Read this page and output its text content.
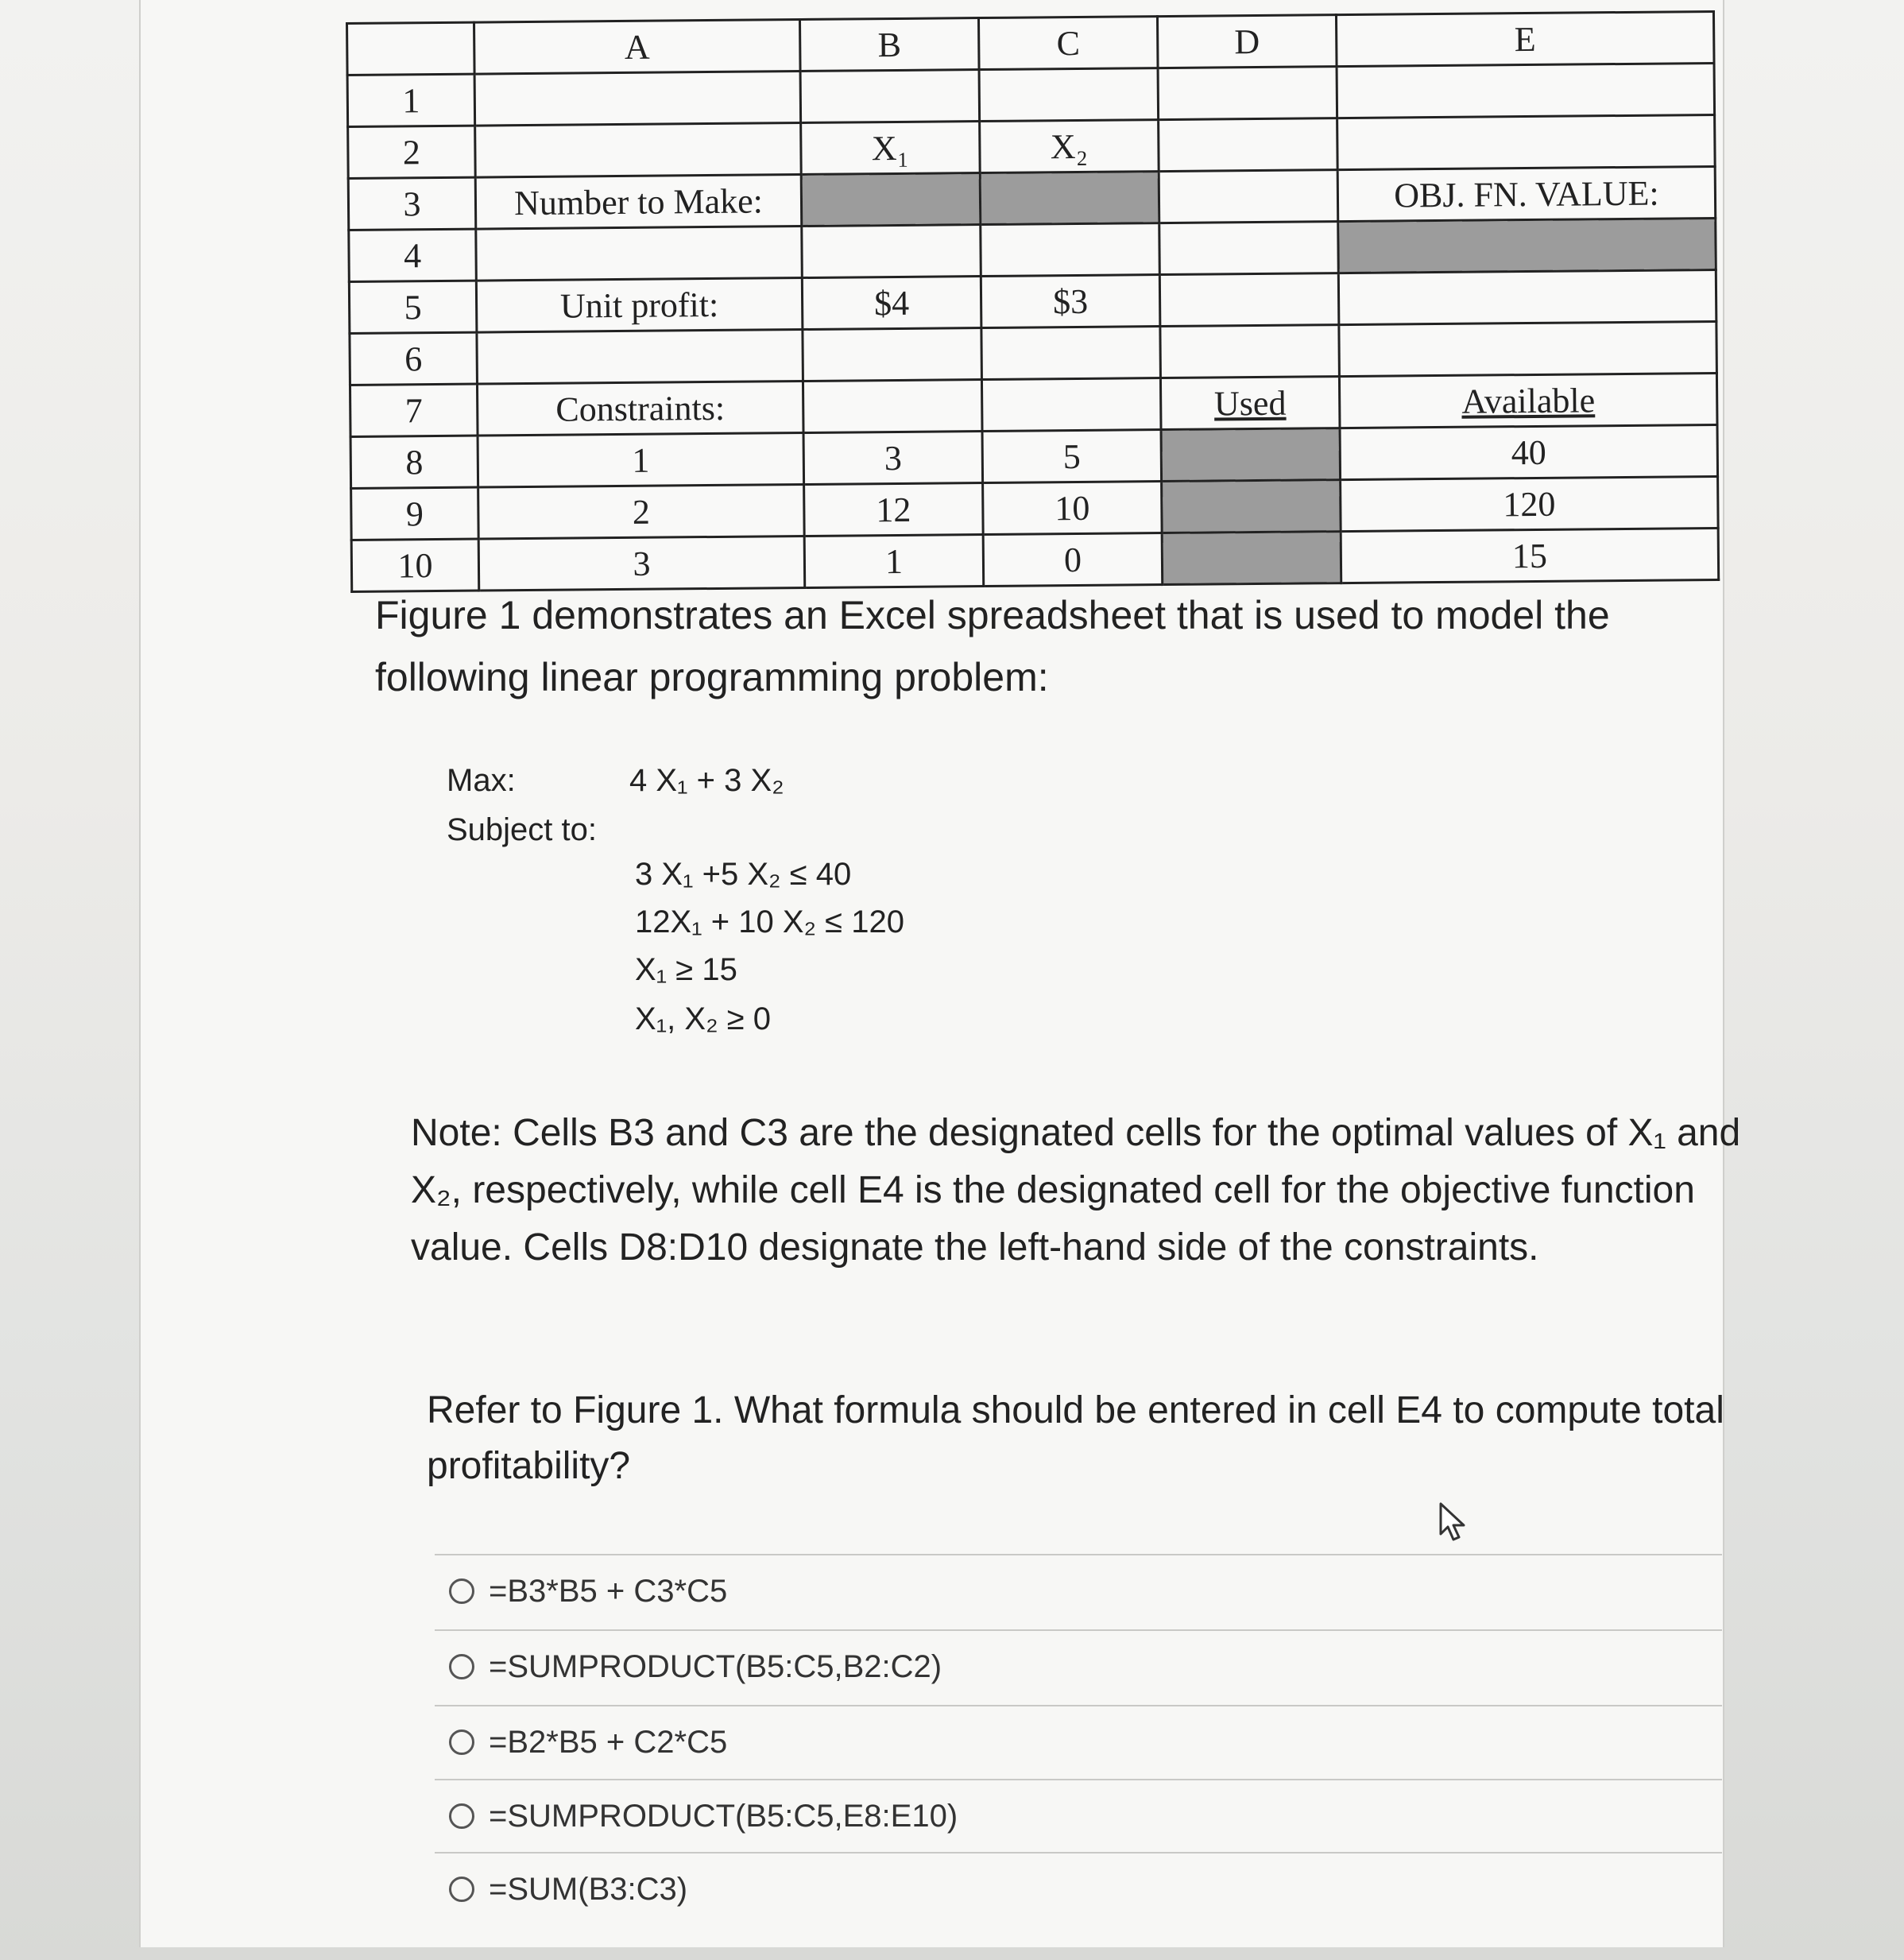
	A	B	C	D	E
1					
2		X₁	X₂		
3	Number to Make:				OBJ. FN. VALUE:
4					
5	Unit profit:	$4	$3		
6					
7	Constraints:			Used	Available
8	1	3	5		40
9	2	12	10		120
10	3	1	0		15
Figure 1 demonstrates an Excel spreadsheet that is used to model the following linear programming problem:
Max:	4 X₁ + 3 X₂
Subject to:
3 X₁ +5 X₂ ≤ 40
12X₁ + 10 X₂ ≤ 120
X₁ ≥ 15
X₁, X₂ ≥ 0
Note: Cells B3 and C3 are the designated cells for the optimal values of X₁ and X₂, respectively, while cell E4 is the designated cell for the objective function value. Cells D8:D10 designate the left-hand side of the constraints.
Refer to Figure 1. What formula should be entered in cell E4 to compute total profitability?
=B3*B5 + C3*C5
=SUMPRODUCT(B5:C5,B2:C2)
=B2*B5 + C2*C5
=SUMPRODUCT(B5:C5,E8:E10)
=SUM(B3:C3)
